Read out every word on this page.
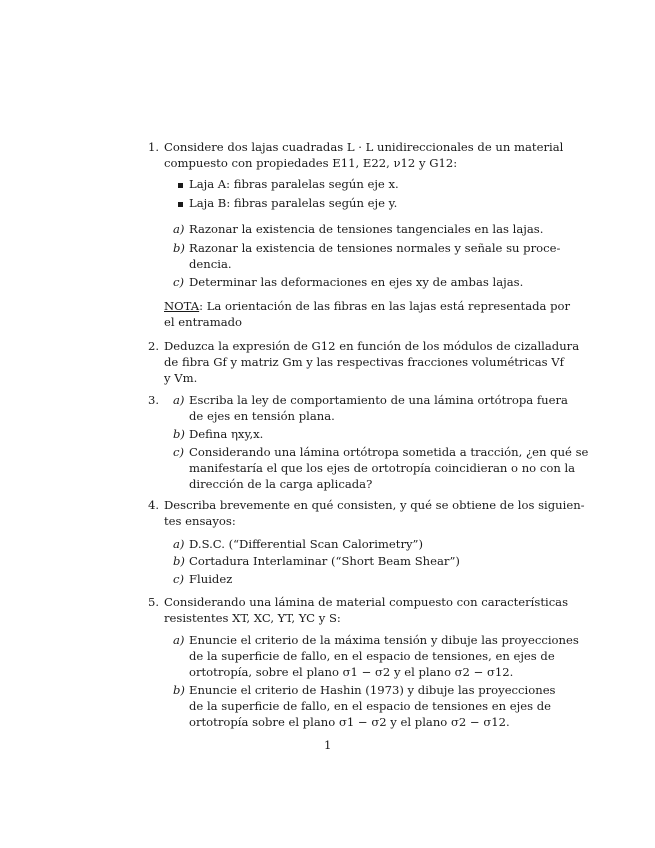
1. Considere dos lajas cuadradas L · L unidireccionales de un material
compuesto con propiedades E11, E22, ν12 y G12:
Laja A: fibras paralelas según eje x.
Laja B: fibras paralelas según eje y.
a) Razonar la existencia de tensiones tangenciales en las lajas.
b) Razonar la existencia de tensiones normales y señale su proce-
dencia.
c) Determinar las deformaciones en ejes xy de ambas lajas.
NOTA: La orientación de las fibras en las lajas está representada por
el entramado
2. Deduzca la expresión de G12 en función de los módulos de cizalladura
de fibra Gf y matriz Gm y las respectivas fracciones volumétricas Vf
y Vm.
3. a) Escriba la ley de comportamiento de una lámina ortótropa fuera
de ejes en tensión plana.
b) Defina ηxy,x.
c) Considerando una lámina ortótropa sometida a tracción, ¿en qué se
manifestaría el que los ejes de ortotropía coincidieran o no con la
dirección de la carga aplicada?
4. Describa brevemente en qué consisten, y qué se obtiene de los siguien-
tes ensayos:
a) D.S.C. (“Differential Scan Calorimetry”)
b) Cortadura Interlaminar (“Short Beam Shear”)
c) Fluidez
5. Considerando una lámina de material compuesto con características
resistentes XT, XC, YT, YC y S:
a) Enuncie el criterio de la máxima tensión y dibuje las proyecciones
de la superficie de fallo, en el espacio de tensiones, en ejes de
ortotropía, sobre el plano σ1 − σ2 y el plano σ2 − σ12.
b) Enuncie el criterio de Hashin (1973) y dibuje las proyecciones
de la superficie de fallo, en el espacio de tensiones en ejes de
ortotropía sobre el plano σ1 − σ2 y el plano σ2 − σ12.
1
